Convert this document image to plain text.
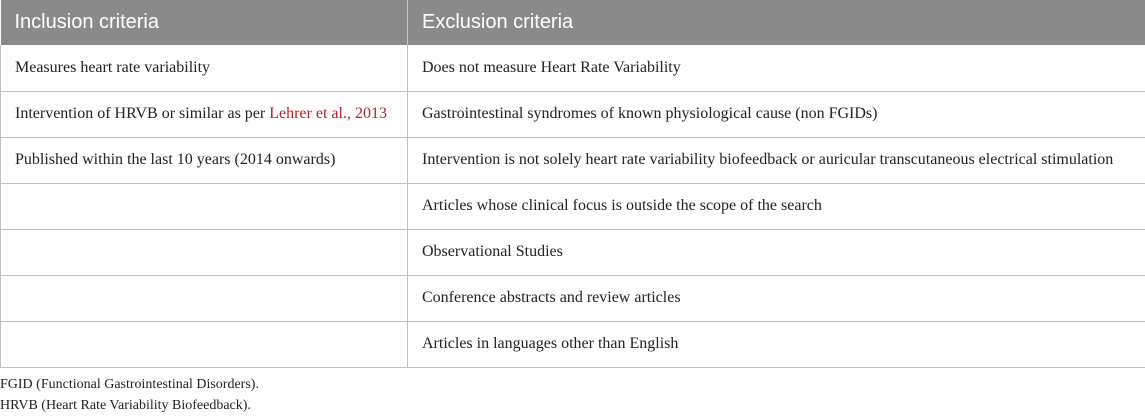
Inclusion criteria	Exclusion criteria
Measures heart rate variability	Does not measure Heart Rate Variability
Intervention of HRVB or similar as per Lehrer et al., 2013	Gastrointestinal syndromes of known physiological cause (non FGIDs)
Published within the last 10 years (2014 onwards)	Intervention is not solely heart rate variability biofeedback or auricular transcutaneous electrical stimulation
	Articles whose clinical focus is outside the scope of the search
	Observational Studies
	Conference abstracts and review articles
	Articles in languages other than English
FGID (Functional Gastrointestinal Disorders).
HRVB (Heart Rate Variability Biofeedback).
